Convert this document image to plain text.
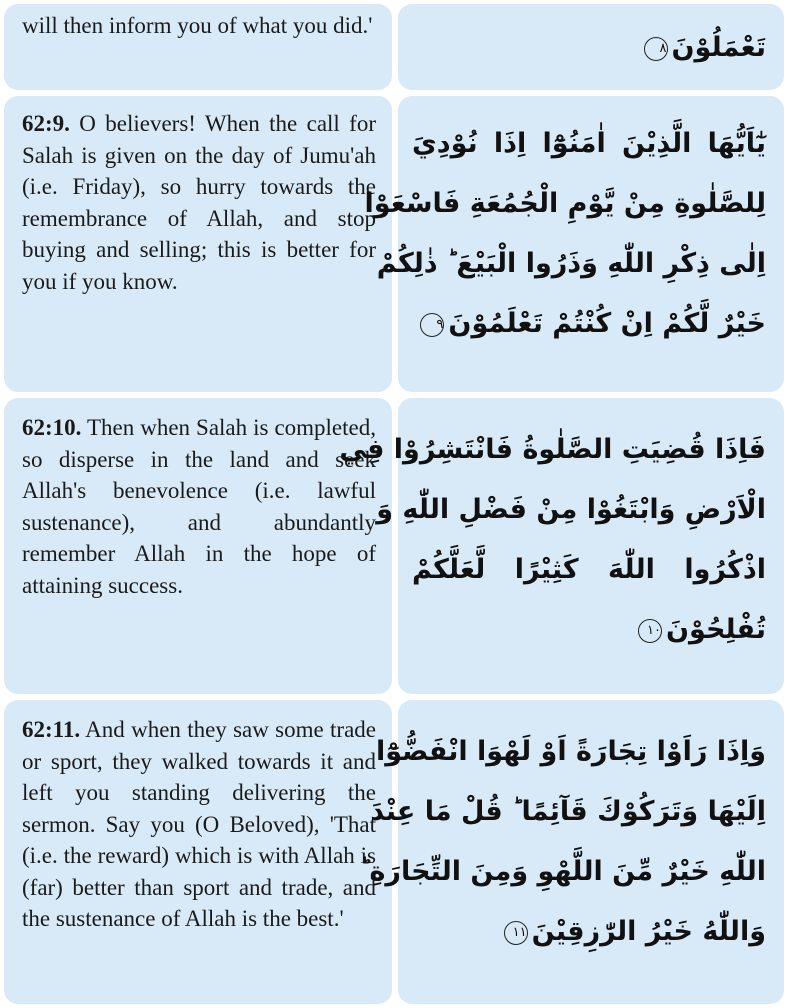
will then inform you of what you did.'

تَعْمَلُوْنَ٨

62:9. O believers! When the call for Salah is given on the day of Jumu'ah (i.e. Friday), so hurry towards the remembrance of Allah, and stop buying and selling; this is better for you if you know.

يٰٓاَيُّهَا الَّذِيْنَ اٰمَنُوْٓا اِذَا نُوْدِيَ
لِلصَّلٰوةِ مِنْ يَّوْمِ الْجُمُعَةِ فَاسْعَوْا
اِلٰى ذِكْرِ اللّٰهِ وَذَرُوا الْبَيْعَ ؕ ذٰلِكُمْ
خَيْرٌ لَّكُمْ اِنْ كُنْتُمْ تَعْلَمُوْنَ٩

62:10. Then when Salah is completed, so disperse in the land and seek Allah's benevolence (i.e. lawful sustenance), and abundantly remember Allah in the hope of attaining success.

فَاِذَا قُضِيَتِ الصَّلٰوةُ فَانْتَشِرُوْا فِي
الْاَرْضِ وَابْتَغُوْا مِنْ فَضْلِ اللّٰهِ وَ
اذْكُرُوا اللّٰهَ كَثِيْرًا لَّعَلَّكُمْ
تُفْلِحُوْنَ١٠

62:11. And when they saw some trade or sport, they walked towards it and left you standing delivering the sermon. Say you (O Beloved), 'That (i.e. the reward) which is with Allah is (far) better than sport and trade, and the sustenance of Allah is the best.'

وَاِذَا رَاَوْا تِجَارَةً اَوْ لَهْوَا انْفَضُّوْٓا
اِلَيْهَا وَتَرَكُوْكَ قَآئِمًا ؕ قُلْ مَا عِنْدَ
اللّٰهِ خَيْرٌ مِّنَ اللَّهْوِ وَمِنَ التِّجَارَةِ ؕ
وَاللّٰهُ خَيْرُ الرّٰزِقِيْنَ١١
